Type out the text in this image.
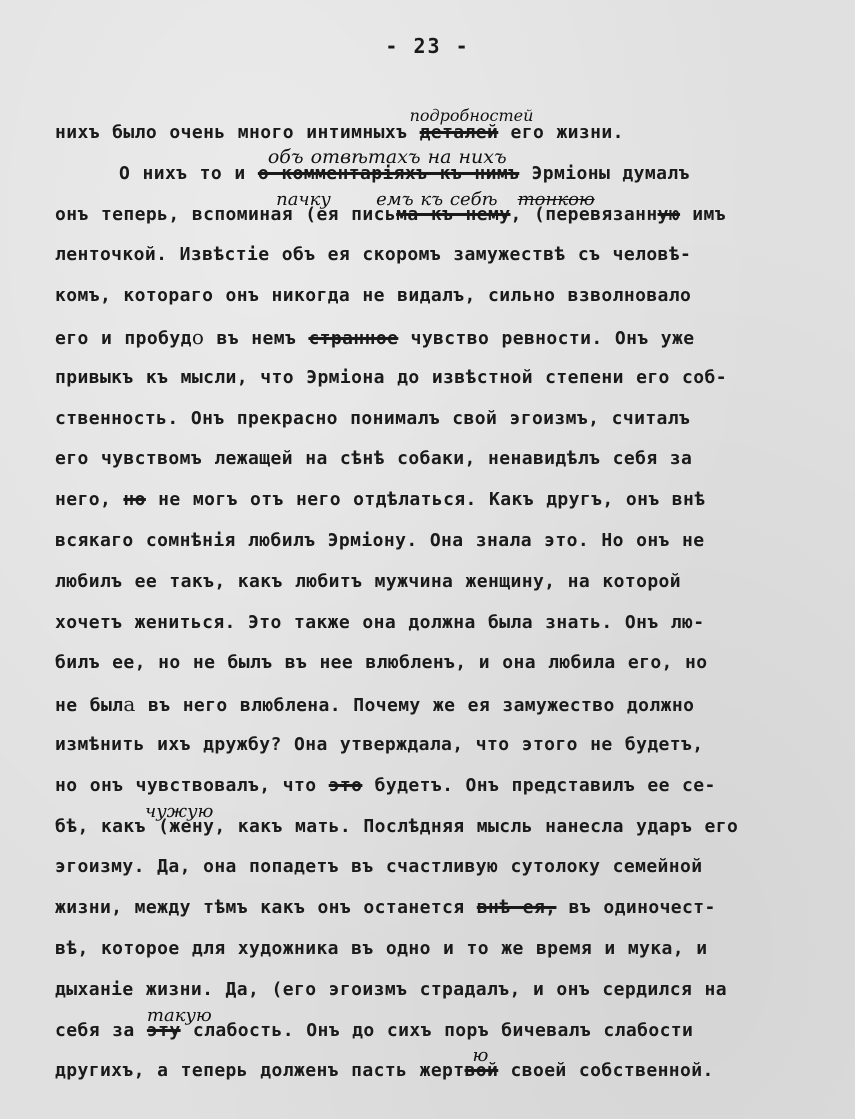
- 23 -
нихъ было очень много интимныхъ деталей
подробностей
его жизни.
О нихъ то и о комментаріяхъ къ нимъ
объ отвѣтахъ на нихъ
Эрміоны думалъ
онъ теперь, вспоминая (ея пись
пачку
ма къ нему
емъ къ себѣ
, (перевязанн
тонкою
ую имъ
ленточкой. Извѣстіе объ ея скоромъ замужествѣ съ человѣ-
комъ, котораго онъ никогда не видалъ, сильно взволновало
его и пробудо въ немъ странное чувство ревности. Онъ уже
привыкъ къ мысли, что Эрміона до извѣстной степени его соб-
ственность. Онъ прекрасно понималъ свой эгоизмъ, считалъ
его чувствомъ лежащей на сѣнѣ собаки, ненавидѣлъ себя за
него, но не могъ отъ него отдѣлаться. Какъ другъ, онъ внѣ
всякаго сомнѣнія любилъ Эрміону. Она знала это. Но онъ не
любилъ ее такъ, какъ любитъ мужчина женщину, на которой
хочетъ жениться. Это также она должна была знать. Онъ лю-
билъ ее, но не былъ въ нее влюбленъ, и она любила его, но
не была въ него влюблена. Почему же ея замужество должно
измѣнить ихъ дружбу? Она утверждала, что этого не будетъ,
но онъ чувствовалъ, что это будетъ. Онъ представилъ ее се-
чужую
бѣ, какъ (жену, какъ мать. Послѣдняя мысль нанесла ударъ его
эгоизму. Да, она попадетъ въ счастливую сутолоку семейной
жизни, между тѣмъ какъ онъ останется внѣ ея, въ одиночест-
вѣ, которое для художника въ одно и то же время и мука, и
дыханіе жизни. Да, (его эгоизмъ страдалъ, и онъ сердился на
себя за эту
такую
слабость. Онъ до сихъ поръ бичевалъ слабости
другихъ, а теперь долженъ пасть жертвой
ю
своей собственной.
